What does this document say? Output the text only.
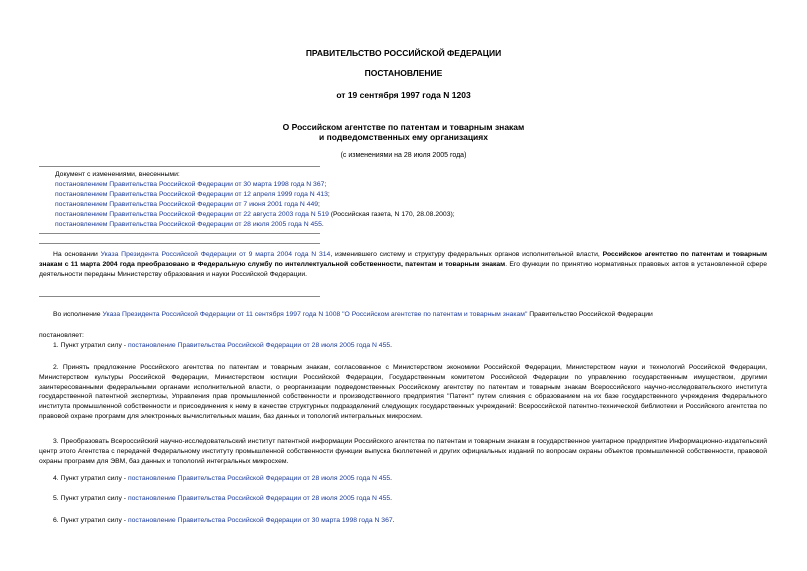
ПРАВИТЕЛЬСТВО РОССИЙСКОЙ ФЕДЕРАЦИИ
ПОСТАНОВЛЕНИЕ
от 19 сентября 1997 года N 1203
О Российском агентстве по патентам и товарным знакам
и подведомственных ему организациях
(с изменениями на 28 июля 2005 года)
Документ с изменениями, внесенными:
постановлением Правительства Российской Федерации от 30 марта 1998 года N 367;
постановлением Правительства Российской Федерации от 12 апреля 1999 года N 413;
постановлением Правительства Российской Федерации от 7 июня 2001 года N 449;
постановлением Правительства Российской Федерации от 22 августа 2003 года N 519 (Российская газета, N 170, 28.08.2003);
постановлением Правительства Российской Федерации от 28 июля 2005 года N 455.
На основании Указа Президента Российской Федерации от 9 марта 2004 года N 314, изменившего систему и структуру федеральных органов исполнительной власти, Российское агентство по патентам и товарным знакам с 11 марта 2004 года преобразовано в Федеральную службу по интеллектуальной собственности, патентам и товарным знакам. Его функции по принятию нормативных правовых актов в установленной сфере деятельности переданы Министерству образования и науки Российской Федерации.
Во исполнение Указа Президента Российской Федерации от 11 сентября 1997 года N 1008 "О Российском агентстве по патентам и товарным знакам" Правительство Российской Федерации
постановляет:
1. Пункт утратил силу - постановление Правительства Российской Федерации от 28 июля 2005 года N 455.
2. Принять предложение Российского агентства по патентам и товарным знакам, согласованное с Министерством экономики Российской Федерации, Министерством науки и технологий Российской Федерации, Министерством культуры Российской Федерации, Министерством юстиции Российской Федерации, Государственным комитетом Российской Федерации по управлению государственным имуществом, другими заинтересованными федеральными органами исполнительной власти, о реорганизации подведомственных Российскому агентству по патентам и товарным знакам Всероссийского научно-исследовательского института государственной патентной экспертизы, Управления прав промышленной собственности и производственного предприятия "Патент" путем слияния с образованием на их базе государственного учреждения Федерального института промышленной собственности и присоединения к нему в качестве структурных подразделений следующих государственных учреждений: Всероссийской патентно-технической библиотеки и Российского агентства по правовой охране программ для электронных вычислительных машин, баз данных и топологий интегральных микросхем.
3. Преобразовать Всероссийский научно-исследовательский институт патентной информации Российского агентства по патентам и товарным знакам в государственное унитарное предприятие Информационно-издательский центр этого Агентства с передачей Федеральному институту промышленной собственности функции выпуска бюллетеней и других официальных изданий по вопросам охраны объектов промышленной собственности, правовой охраны программ для ЭВМ, баз данных и топологий интегральных микросхем.
4. Пункт утратил силу - постановление Правительства Российской Федерации от 28 июля 2005 года N 455.
5. Пункт утратил силу - постановление Правительства Российской Федерации от 28 июля 2005 года N 455.
6. Пункт утратил силу - постановление Правительства Российской Федерации от 30 марта 1998 года N 367.
